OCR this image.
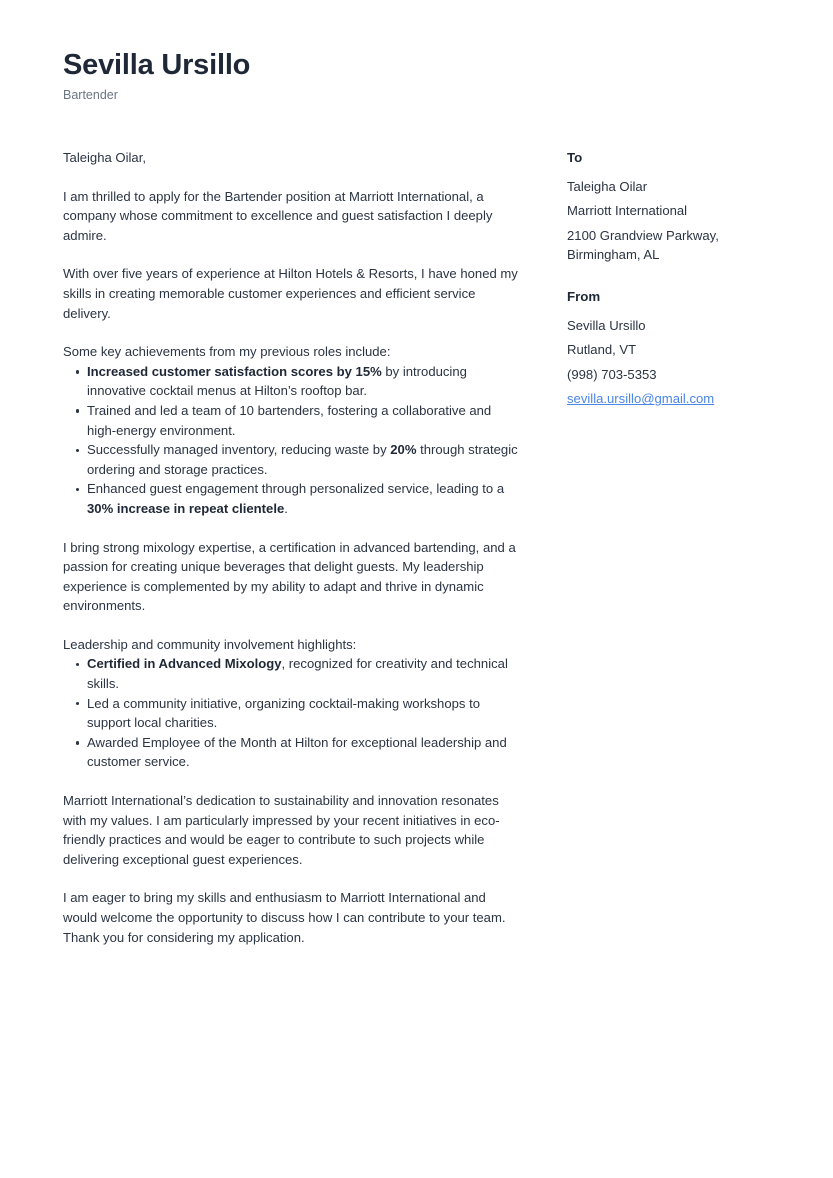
Sevilla Ursillo
Bartender
Taleigha Oilar,
I am thrilled to apply for the Bartender position at Marriott International, a company whose commitment to excellence and guest satisfaction I deeply admire.
With over five years of experience at Hilton Hotels & Resorts, I have honed my skills in creating memorable customer experiences and efficient service delivery.
Some key achievements from my previous roles include:
Increased customer satisfaction scores by 15% by introducing innovative cocktail menus at Hilton’s rooftop bar.
Trained and led a team of 10 bartenders, fostering a collaborative and high-energy environment.
Successfully managed inventory, reducing waste by 20% through strategic ordering and storage practices.
Enhanced guest engagement through personalized service, leading to a 30% increase in repeat clientele.
I bring strong mixology expertise, a certification in advanced bartending, and a passion for creating unique beverages that delight guests. My leadership experience is complemented by my ability to adapt and thrive in dynamic environments.
Leadership and community involvement highlights:
Certified in Advanced Mixology, recognized for creativity and technical skills.
Led a community initiative, organizing cocktail-making workshops to support local charities.
Awarded Employee of the Month at Hilton for exceptional leadership and customer service.
Marriott International’s dedication to sustainability and innovation resonates with my values. I am particularly impressed by your recent initiatives in eco-friendly practices and would be eager to contribute to such projects while delivering exceptional guest experiences.
I am eager to bring my skills and enthusiasm to Marriott International and would welcome the opportunity to discuss how I can contribute to your team. Thank you for considering my application.
To
Taleigha Oilar
Marriott International
2100 Grandview Parkway, Birmingham, AL
From
Sevilla Ursillo
Rutland, VT
(998) 703-5353
sevilla.ursillo@gmail.com
